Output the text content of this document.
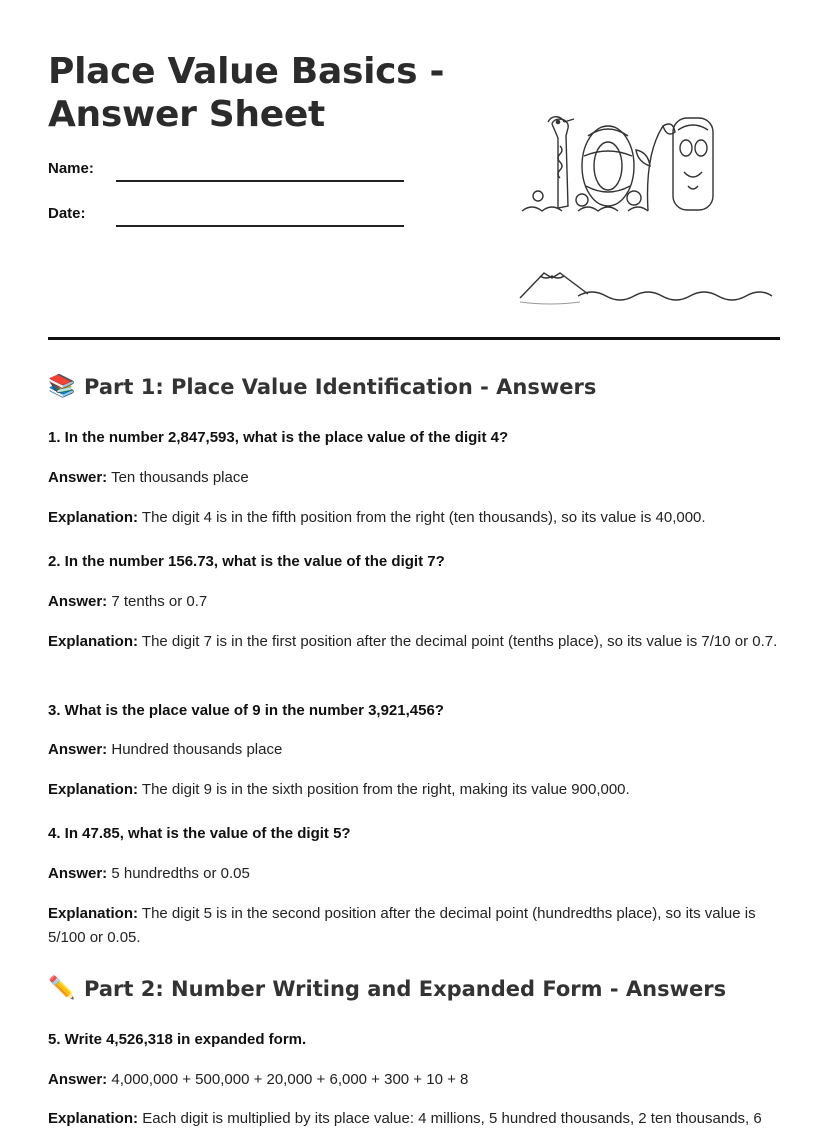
Place Value Basics - Answer Sheet
Name:
Date:
📚 Part 1: Place Value Identification - Answers
1. In the number 2,847,593, what is the place value of the digit 4?
Answer: Ten thousands place
Explanation: The digit 4 is in the fifth position from the right (ten thousands), so its value is 40,000.
2. In the number 156.73, what is the value of the digit 7?
Answer: 7 tenths or 0.7
Explanation: The digit 7 is in the first position after the decimal point (tenths place), so its value is 7/10 or 0.7.
3. What is the place value of 9 in the number 3,921,456?
Answer: Hundred thousands place
Explanation: The digit 9 is in the sixth position from the right, making its value 900,000.
4. In 47.85, what is the value of the digit 5?
Answer: 5 hundredths or 0.05
Explanation: The digit 5 is in the second position after the decimal point (hundredths place), so its value is 5/100 or 0.05.
✏️ Part 2: Number Writing and Expanded Form - Answers
5. Write 4,526,318 in expanded form.
Answer: 4,000,000 + 500,000 + 20,000 + 6,000 + 300 + 10 + 8
Explanation: Each digit is multiplied by its place value: 4 millions, 5 hundred thousands, 2 ten thousands, 6
